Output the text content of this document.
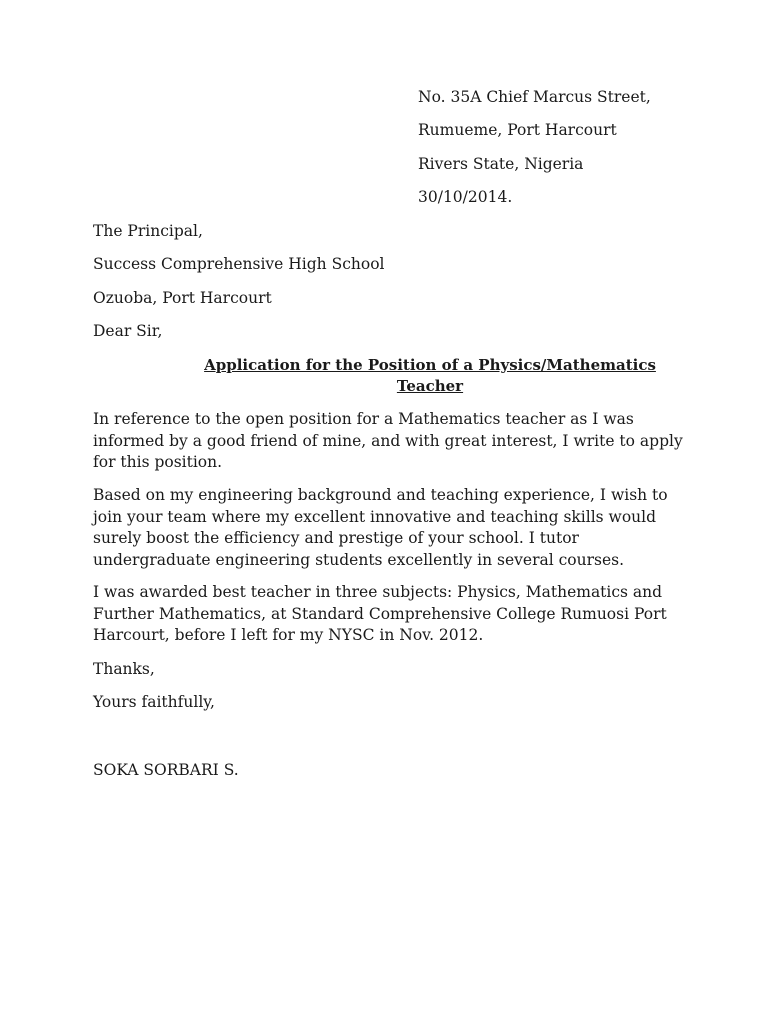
No. 35A Chief Marcus Street,
Rumueme, Port Harcourt
Rivers State, Nigeria
30/10/2014.
The Principal,
Success Comprehensive High School
Ozuoba, Port Harcourt
Dear Sir,
Application for the Position of a Physics/Mathematics Teacher
In reference to the open position for a Mathematics teacher as I was informed by a good friend of mine, and with great interest, I write to apply for this position.
Based on my engineering background and teaching experience, I wish to join your team where my excellent innovative and teaching skills would surely boost the efficiency and prestige of your school. I tutor undergraduate engineering students excellently in several courses.
I was awarded best teacher in three subjects: Physics, Mathematics and Further Mathematics, at Standard Comprehensive College Rumuosi Port Harcourt, before I left for my NYSC in Nov. 2012.
Thanks,
Yours faithfully,
SOKA SORBARI S.
